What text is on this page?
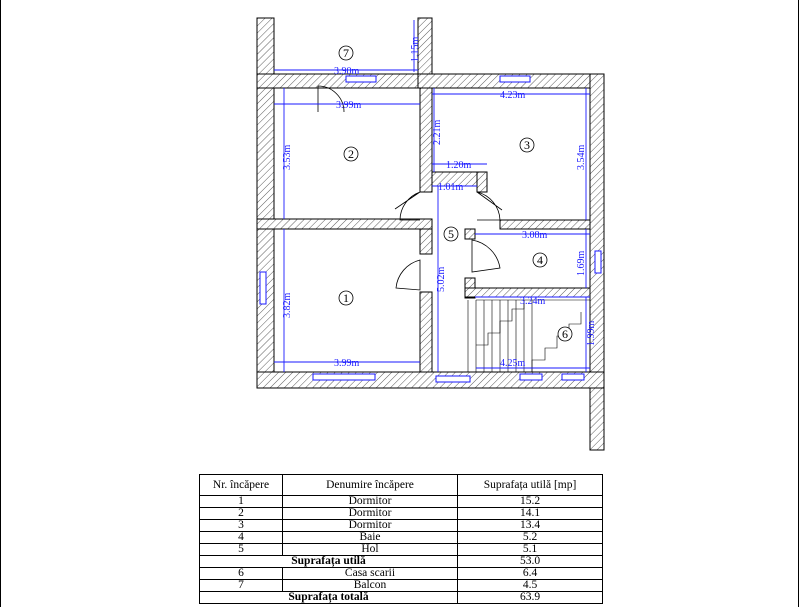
3.90m
1.15m
3.99m
3.53m
4.23m
2.21m
1.20m	3.54m
1.01m
5.02m
3.08m
1.69m
3.82m
3.99m
3.24m
1.99m
4.25m
7
2
3
5
4
1
6
Nr. încăpere	Denumire încăpere	Suprafața utilă [mp]
1	Dormitor	15.2
2	Dormitor	14.1
3	Dormitor	13.4
4	Baie	5.2
5	Hol	5.1
Suprafața utilă		53.0
6	Casa scarii	6.4
7	Balcon	4.5
Suprafața totală		63.9
